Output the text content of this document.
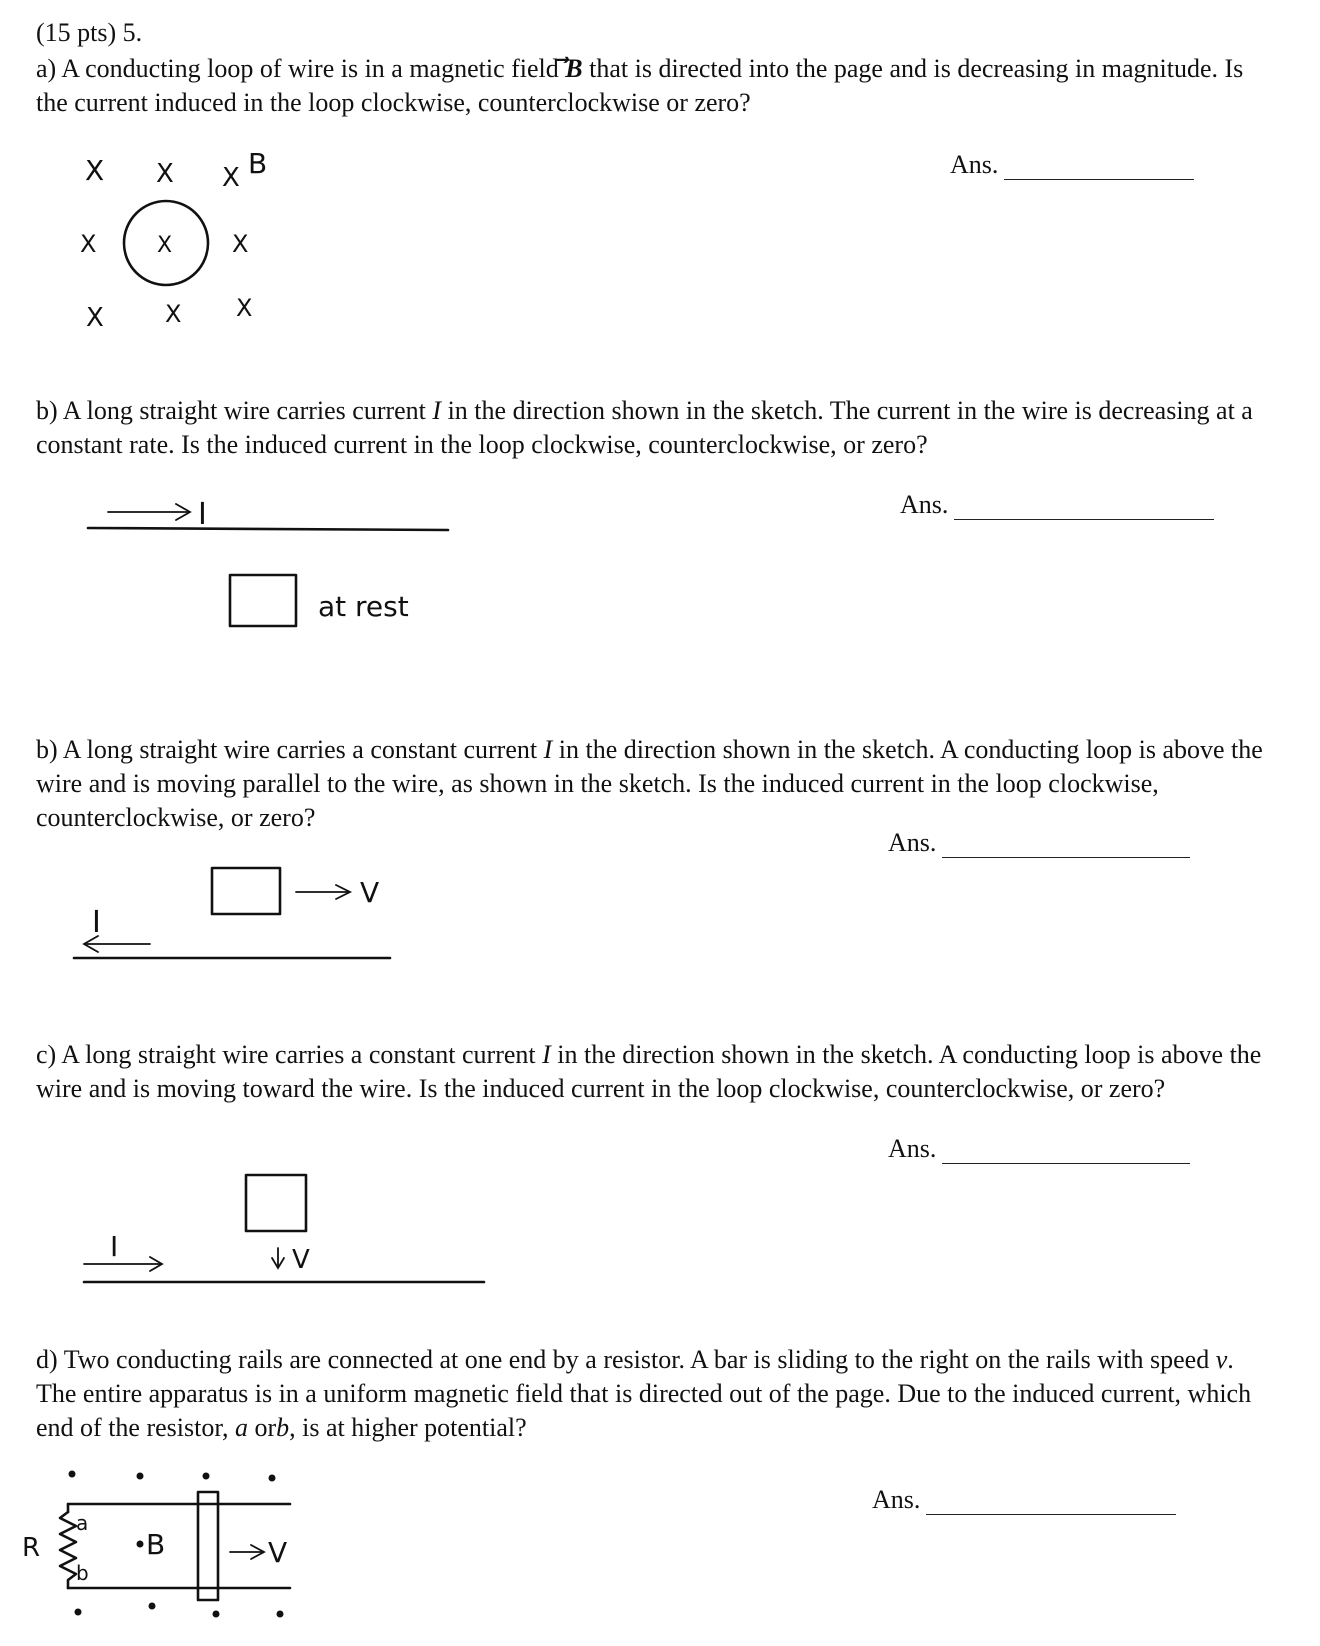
(15 pts) 5.
a) A conducting loop of wire is in a magnetic field B that is directed into the page and is decreasing in magnitude. Is the current induced in the loop clockwise, counterclockwise or zero?
Ans.
X X X B
X	X X
X	X X
b) A long straight wire carries current I in the direction shown in the sketch. The current in the wire is decreasing at a constant rate. Is the induced current in the loop clockwise, counterclockwise, or zero?
Ans.
I
at rest
b) A long straight wire carries a constant current I in the direction shown in the sketch. A conducting loop is above the wire and is moving parallel to the wire, as shown in the sketch. Is the induced current in the loop clockwise, counterclockwise, or zero?
Ans.
V
I
c) A long straight wire carries a constant current I in the direction shown in the sketch. A conducting loop is above the wire and is moving toward the wire. Is the induced current in the loop clockwise, counterclockwise, or zero?
Ans.
V
I
d) Two conducting rails are connected at one end by a resistor. A bar is sliding to the right on the rails with speed v. The entire apparatus is in a uniform magnetic field that is directed out of the page. Due to the induced current, which end of the resistor, a orb, is at higher potential?
Ans.
R
a
b
B	V
